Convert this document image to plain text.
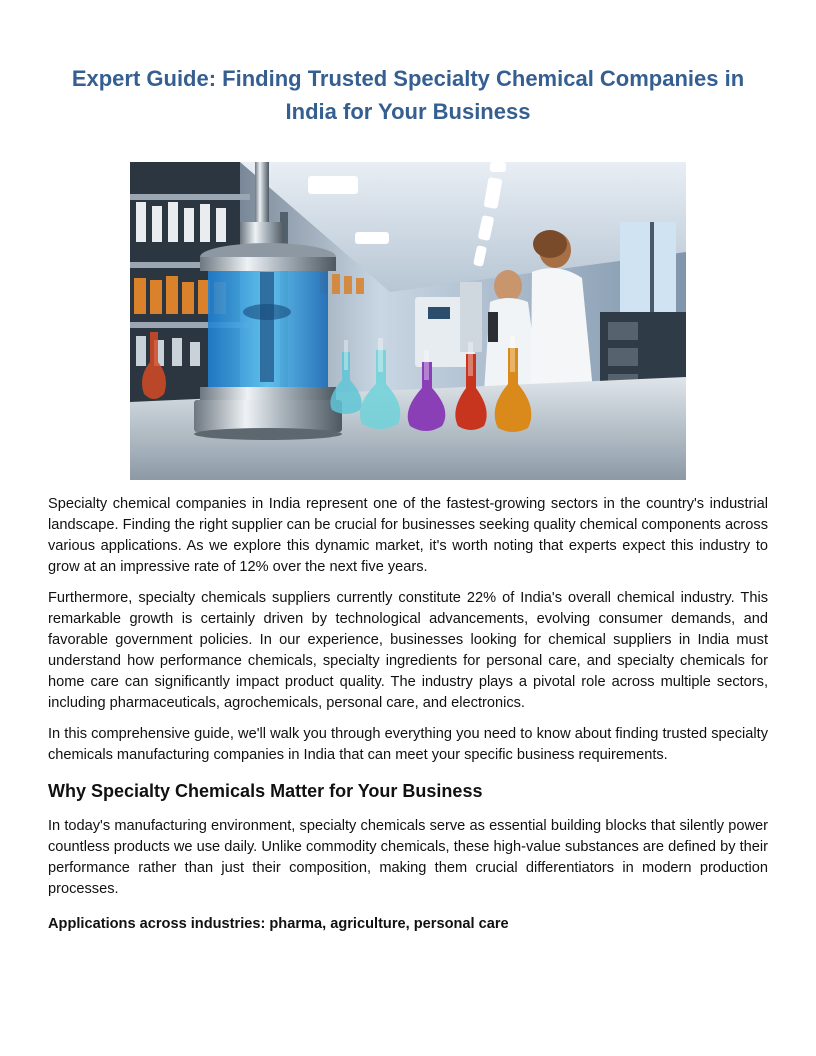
Expert Guide: Finding Trusted Specialty Chemical Companies in India for Your Business

Specialty chemical companies in India represent one of the fastest-growing sectors in the country's industrial landscape. Finding the right supplier can be crucial for businesses seeking quality chemical components across various applications. As we explore this dynamic market, it's worth noting that experts expect this industry to grow at an impressive rate of 12% over the next five years.

Furthermore, specialty chemicals suppliers currently constitute 22% of India's overall chemical industry. This remarkable growth is certainly driven by technological advancements, evolving consumer demands, and favorable government policies. In our experience, businesses looking for chemical suppliers in India must understand how performance chemicals, specialty ingredients for personal care, and specialty chemicals for home care can significantly impact product quality. The industry plays a pivotal role across multiple sectors, including pharmaceuticals, agrochemicals, personal care, and electronics.

In this comprehensive guide, we'll walk you through everything you need to know about finding trusted specialty chemicals manufacturing companies in India that can meet your specific business requirements.

Why Specialty Chemicals Matter for Your Business

In today's manufacturing environment, specialty chemicals serve as essential building blocks that silently power countless products we use daily. Unlike commodity chemicals, these high-value substances are defined by their performance rather than just their composition, making them crucial differentiators in modern production processes.

Applications across industries: pharma, agriculture, personal care
